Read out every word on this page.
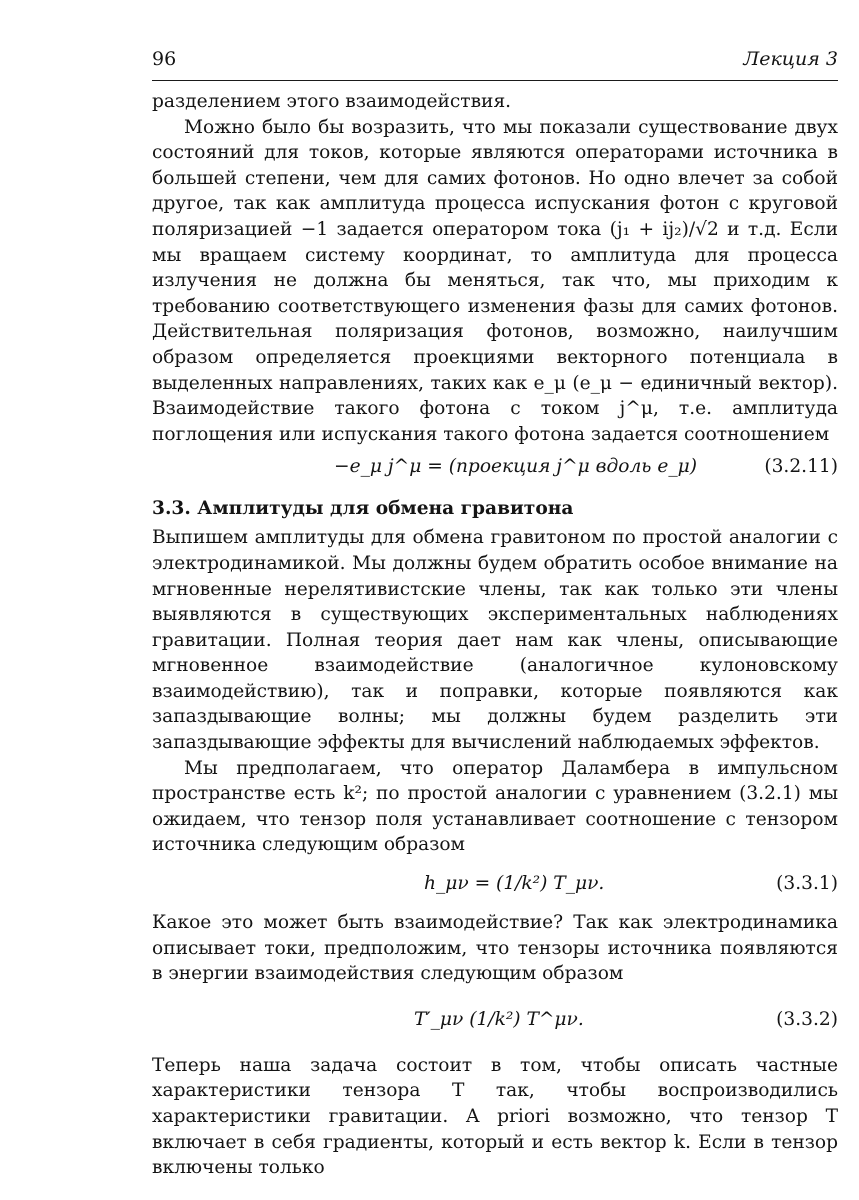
96	Лекция 3

разделением этого взаимодействия.

Можно было бы возразить, что мы показали существование двух состояний для токов, которые являются операторами источника в большей степени, чем для самих фотонов. Но одно влечет за собой другое, так как амплитуда процесса испускания фотон с круговой поляризацией −1 задается оператором тока (j₁ + ij₂)/√2 и т.д. Если мы вращаем систему координат, то амплитуда для процесса излучения не должна бы меняться, так что, мы приходим к требованию соответствующего изменения фазы для самих фотонов. Действительная поляризация фотонов, возможно, наилучшим образом определяется проекциями векторного потенциала в выделенных направлениях, таких как e_μ (e_μ − единичный вектор). Взаимодействие такого фотона с током j^μ, т.е. амплитуда поглощения или испускания такого фотона задается соотношением

−e_μ j^μ = (проекция j^μ вдоль e_μ)	(3.2.11)
3.3. Амплитуды для обмена гравитона

Выпишем амплитуды для обмена гравитоном по простой аналогии с электродинамикой. Мы должны будем обратить особое внимание на мгновенные нерелятивистские члены, так как только эти члены выявляются в существующих экспериментальных наблюдениях гравитации. Полная теория дает нам как члены, описывающие мгновенное взаимодействие (аналогичное кулоновскому взаимодействию), так и поправки, которые появляются как запаздывающие волны; мы должны будем разделить эти запаздывающие эффекты для вычислений наблюдаемых эффектов.

Мы предполагаем, что оператор Даламбера в импульсном пространстве есть k²; по простой аналогии с уравнением (3.2.1) мы ожидаем, что тензор поля устанавливает соотношение с тензором источника следующим образом

h_μν = (1/k²) T_μν.	(3.3.1)

Какое это может быть взаимодействие? Так как электродинамика описывает токи, предположим, что тензоры источника появляются в энергии взаимодействия следующим образом

T′_μν (1/k²) T^μν.	(3.3.2)

Теперь наша задача состоит в том, чтобы описать частные характеристики тензора T так, чтобы воспроизводились характеристики гравитации. A priori возможно, что тензор T включает в себя градиенты, который и есть вектор k. Если в тензор включены только
